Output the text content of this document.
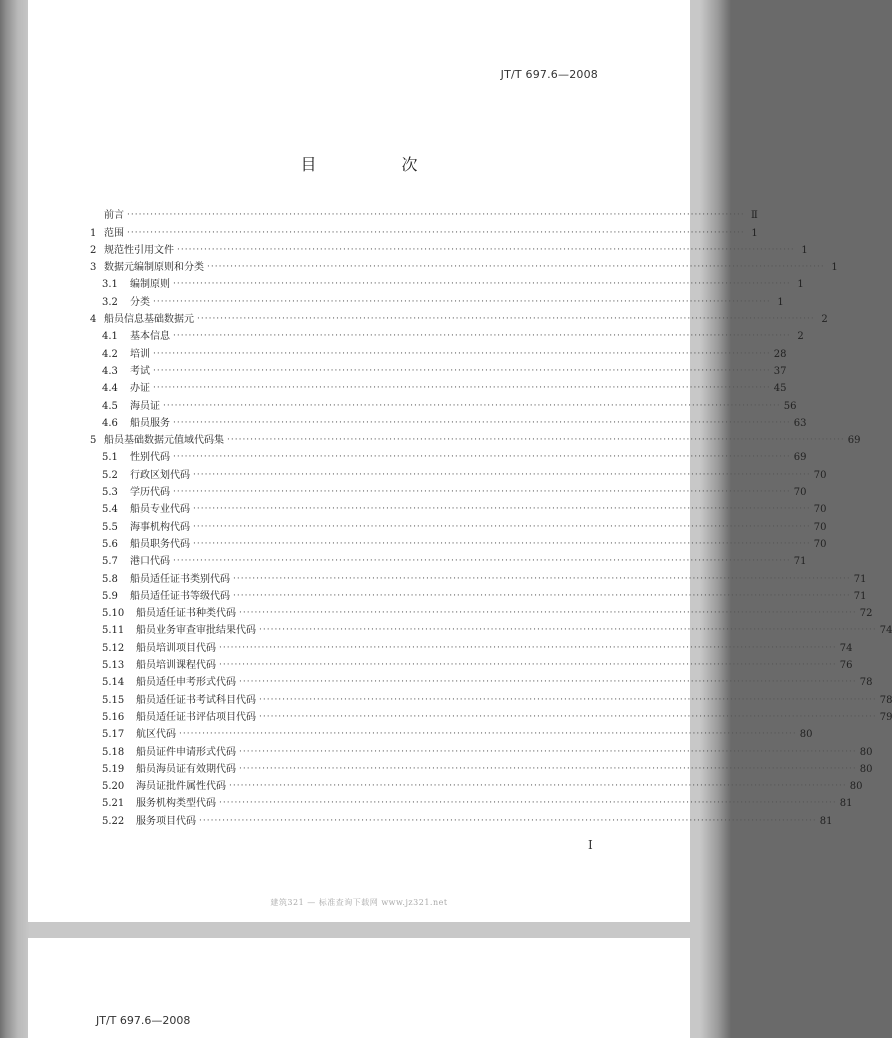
JT/T 697.6—2008
目 次
前言 ································································································································································ Ⅱ
1 范围 ································································································································································ 1
2 规范性引用文件 ································································································································································ 1
3 数据元编制原则和分类 ································································································································································ 1
3.1	编制原则 ································································································································································ 1
3.2	分类 ································································································································································ 1
4 船员信息基础数据元 ································································································································································ 2
4.1	基本信息 ································································································································································ 2
4.2	培训 ································································································································································ 28
4.3	考试 ································································································································································ 37
4.4	办证 ································································································································································ 45
4.5	海员证 ································································································································································ 56
4.6	船员服务 ································································································································································ 63
5 船员基础数据元值域代码集 ································································································································································ 69
5.1	性别代码 ································································································································································ 69
5.2	行政区划代码 ································································································································································ 70
5.3	学历代码 ································································································································································ 70
5.4	船员专业代码 ································································································································································ 70
5.5	海事机构代码 ································································································································································ 70
5.6	船员职务代码 ································································································································································ 70
5.7	港口代码 ································································································································································ 71
5.8	船员适任证书类别代码 ································································································································································ 71
5.9	船员适任证书等级代码 ································································································································································ 71
5.10	船员适任证书种类代码 ································································································································································ 72
5.11	船员业务审查审批结果代码 ································································································································································ 74
5.12	船员培训项目代码 ································································································································································ 74
5.13	船员培训课程代码 ································································································································································ 76
5.14	船员适任申考形式代码 ································································································································································ 78
5.15	船员适任证书考试科目代码 ································································································································································ 78
5.16	船员适任证书评估项目代码 ································································································································································ 79
5.17	航区代码 ································································································································································ 80
5.18	船员证件申请形式代码 ································································································································································ 80
5.19	船员海员证有效期代码 ································································································································································ 80
5.20	海员证批件属性代码 ································································································································································ 80
5.21	服务机构类型代码 ································································································································································ 81
5.22	服务项目代码 ································································································································································ 81
I
建筑321 — 标准查询下载网 www.jz321.net
JT/T 697.6—2008
